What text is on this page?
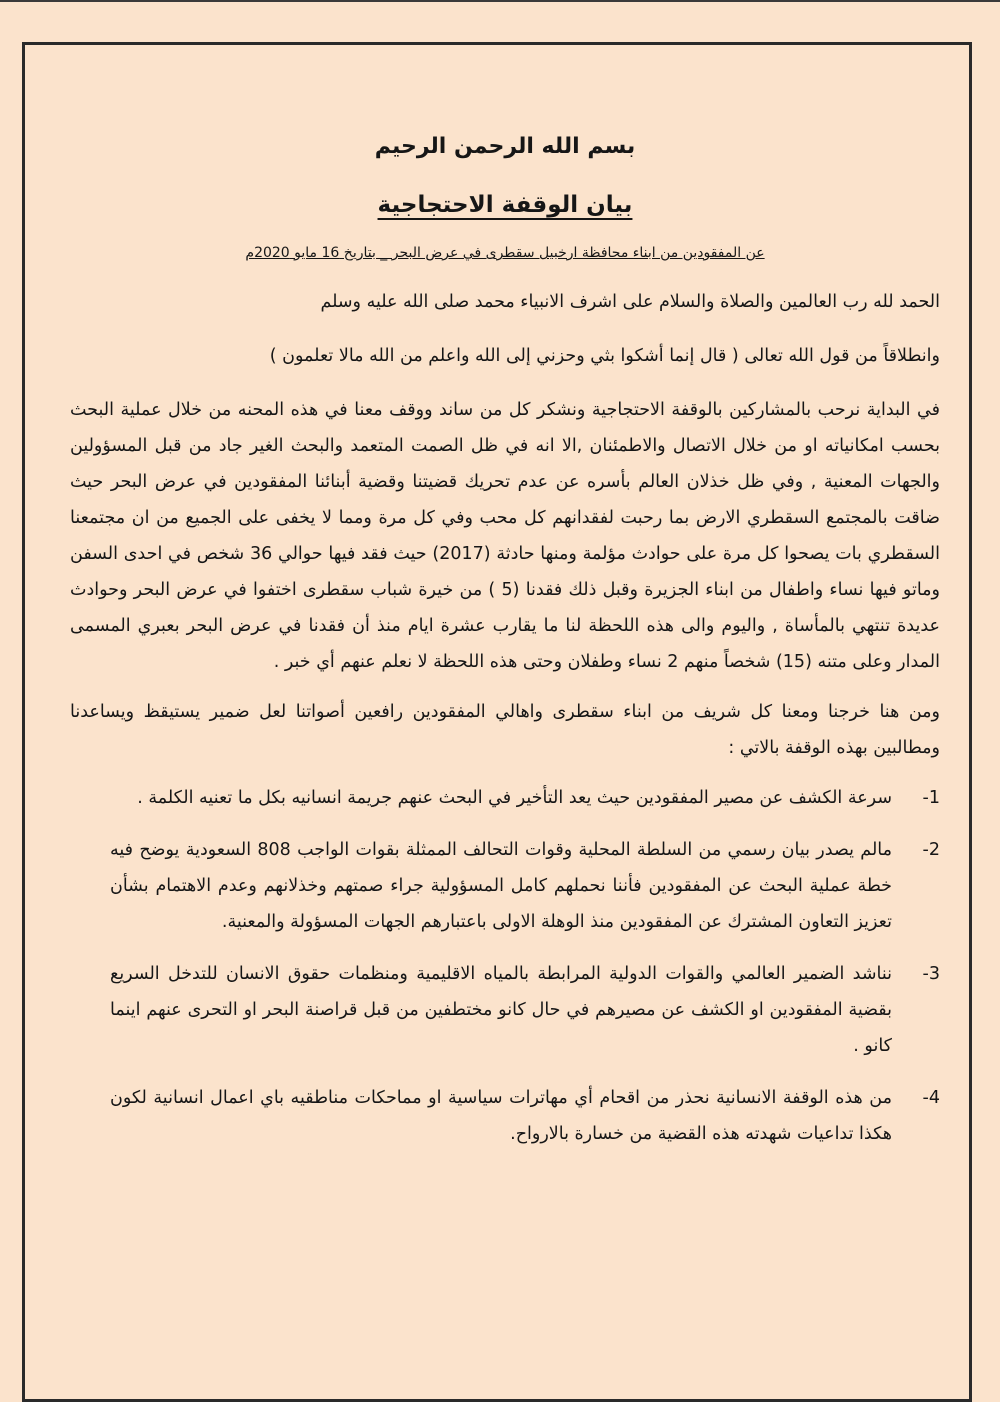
بسم الله الرحمن الرحيم
بيان الوقفة الاحتجاجية
عن المفقودين من ابناء محافظة ارخبيل سقطرى في عرض البحر _ بتاريخ 16 مايو 2020م

الحمد لله رب العالمين والصلاة والسلام على اشرف الانبياء محمد صلى الله عليه وسلم

وانطلاقاً من قول الله تعالى ( قال إنما أشكوا بثي وحزني إلى الله واعلم من الله مالا تعلمون )

في البداية نرحب بالمشاركين بالوقفة الاحتجاجية ونشكر كل من ساند ووقف معنا في هذه المحنه من خلال عملية البحث بحسب امكانياته او من خلال الاتصال والاطمئنان ,الا انه في ظل الصمت المتعمد والبحث الغير جاد من قبل المسؤولين والجهات المعنية , وفي ظل خذلان العالم بأسره عن عدم تحريك قضيتنا وقضية أبنائنا المفقودين في عرض البحر حيث ضاقت بالمجتمع السقطري الارض بما رحبت لفقدانهم كل محب وفي كل مرة ومما لا يخفى على الجميع من ان مجتمعنا السقطري بات يصحوا كل مرة على حوادث مؤلمة ومنها حادثة (2017) حيث فقد فيها حوالي 36 شخص في احدى السفن وماتو فيها نساء واطفال من ابناء الجزيرة وقبل ذلك فقدنا (5 ) من خيرة شباب سقطرى اختفوا في عرض البحر وحوادث عديدة تنتهي بالمأساة , واليوم والى هذه اللحظة لنا ما يقارب عشرة ايام منذ أن فقدنا في عرض البحر بعبري المسمى المدار وعلى متنه (15) شخصاً منهم 2 نساء وطفلان وحتى هذه اللحظة لا نعلم عنهم أي خبر .

ومن هنا خرجنا ومعنا كل شريف من ابناء سقطرى واهالي المفقودين رافعين أصواتنا لعل ضمير يستيقظ ويساعدنا ومطالبين بهذه الوقفة بالاتي :

1-
سرعة الكشف عن مصير المفقودين حيث يعد التأخير في البحث عنهم جريمة انسانيه بكل ما تعنيه الكلمة .
2-
مالم يصدر بيان رسمي من السلطة المحلية وقوات التحالف الممثلة بقوات الواجب 808 السعودية يوضح فيه خطة عملية البحث عن المفقودين فأننا نحملهم كامل المسؤولية جراء صمتهم وخذلانهم وعدم الاهتمام بشأن تعزيز التعاون المشترك عن المفقودين منذ الوهلة الاولى باعتبارهم الجهات المسؤولة والمعنية.
3-
نناشد الضمير العالمي والقوات الدولية المرابطة بالمياه الاقليمية ومنظمات حقوق الانسان للتدخل السريع بقضية المفقودين او الكشف عن مصيرهم في حال كانو مختطفين من قبل قراصنة البحر او التحرى عنهم اينما كانو .
4-
من هذه الوقفة الانسانية نحذر من اقحام أي مهاترات سياسية او مماحكات مناطقيه باي اعمال انسانية لكون هكذا تداعيات شهدته هذه القضية من خسارة بالارواح.
